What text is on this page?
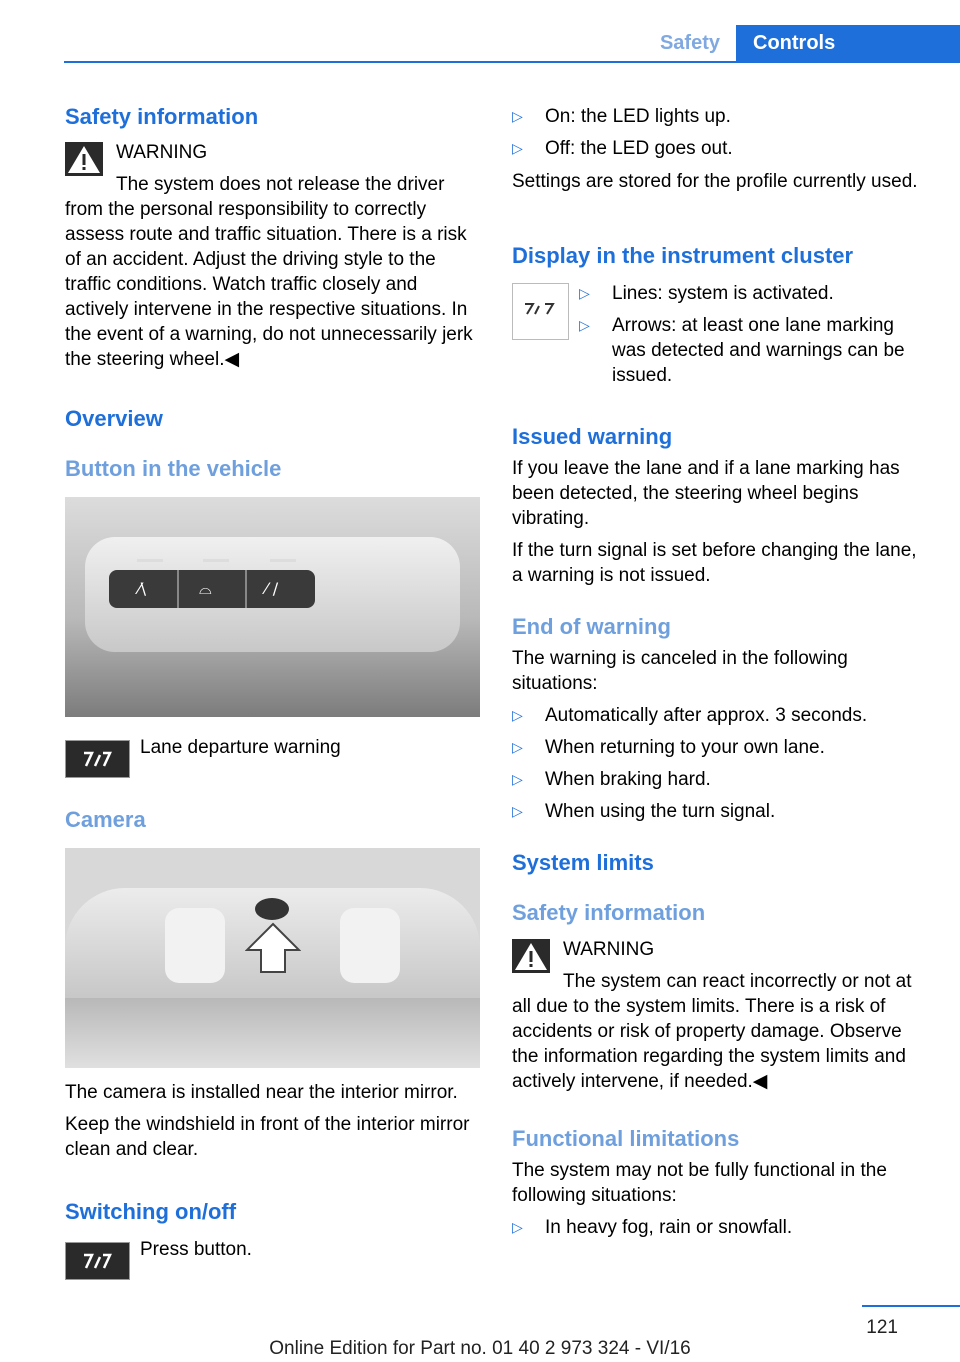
Safety	Controls
Safety information

WARNING

The system does not release the driver from the personal responsibility to correctly assess route and traffic situation. There is a risk of an accident. Adjust the driving style to the traffic conditions. Watch traffic closely and actively intervene in the respective situations. In the event of a warning, do not unnecessarily jerk the steering wheel.◀

Overview
Button in the vehicle
⁄\	⌓	⁄ /

Lane departure warning

Camera

The camera is installed near the interior mirror.

Keep the windshield in front of the interior mirror clean and clear.

Switching on/off

Press button.

▷ On: the LED lights up.
▷ Off: the LED goes out.

Settings are stored for the profile currently used.

Display in the instrument cluster
▷ Lines: system is activated.
▷ Arrows: at least one lane marking was detected and warnings can be issued.
Issued warning

If you leave the lane and if a lane marking has been detected, the steering wheel begins vibrating.

If the turn signal is set before changing the lane, a warning is not issued.

End of warning

The warning is canceled in the following situations:

▷ Automatically after approx. 3 seconds.
▷ When returning to your own lane.
▷ When braking hard.
▷ When using the turn signal.
System limits
Safety information

WARNING

The system can react incorrectly or not at all due to the system limits. There is a risk of accidents or risk of property damage. Observe the information regarding the system limits and actively intervene, if needed.◀

Functional limitations

The system may not be fully functional in the following situations:

▷ In heavy fog, rain or snowfall.
121
Online Edition for Part no. 01 40 2 973 324 - VI/16
